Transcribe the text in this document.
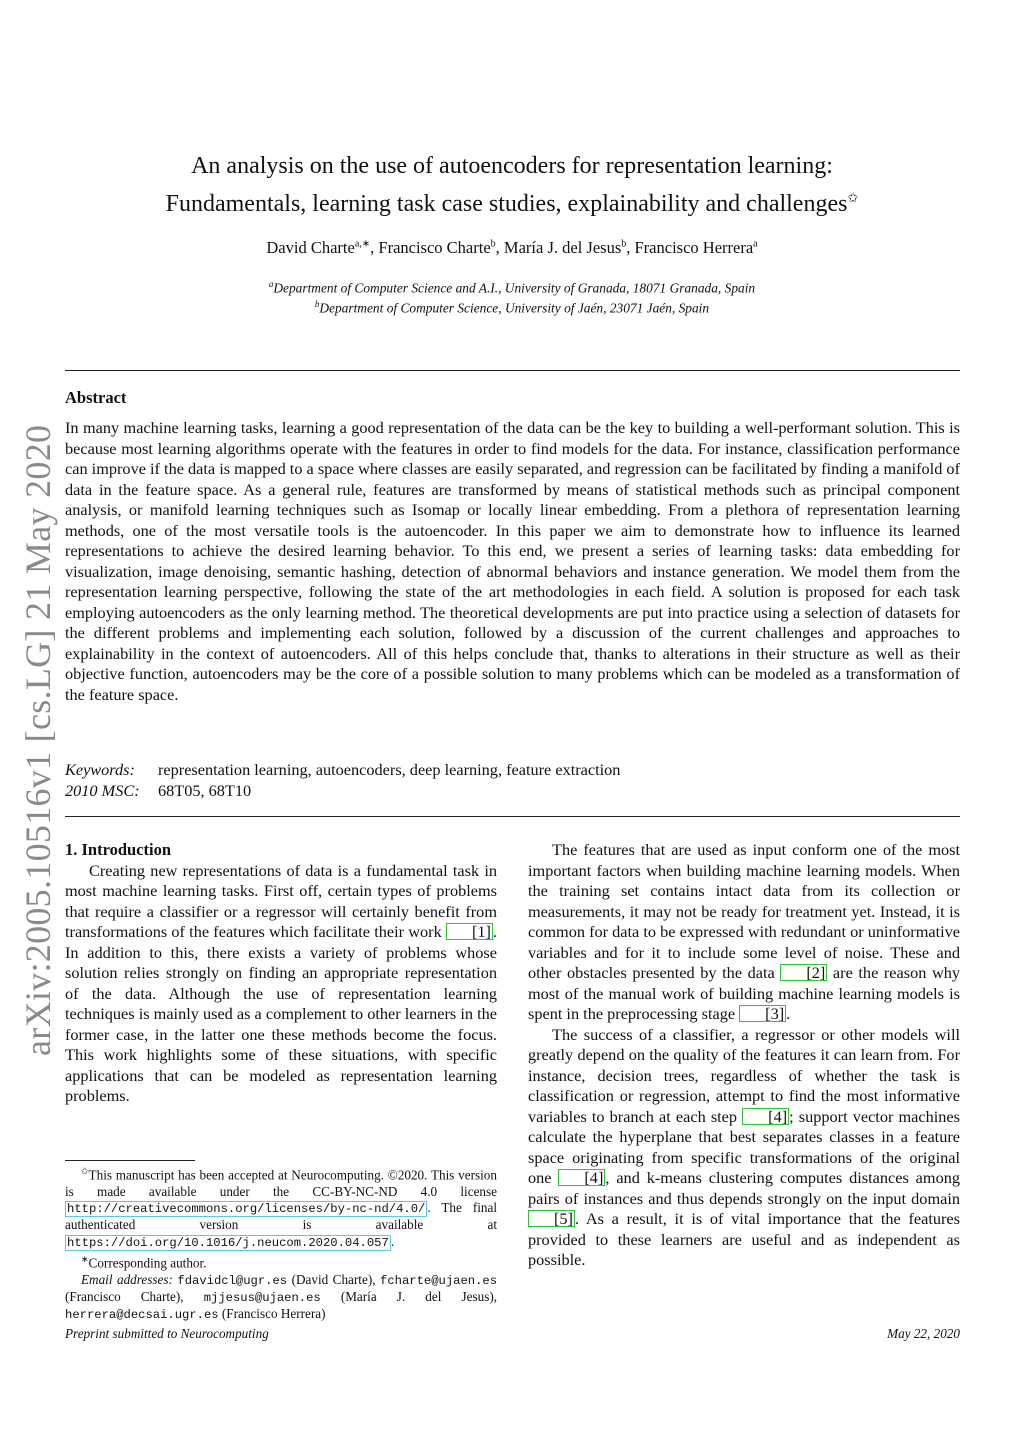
arXiv:2005.10516v1 [cs.LG] 21 May 2020
An analysis on the use of autoencoders for representation learning:
Fundamentals, learning task case studies, explainability and challenges✩
David Charte$^{a,∗}$, Francisco Charte$^b$, María J. del Jesus$^b$, Francisco Herrera$^a$
$^a$Department of Computer Science and A.I., University of Granada, 18071 Granada, Spain
$^b$Department of Computer Science, University of Jaén, 23071 Jaén, Spain
Abstract

In many machine learning tasks, learning a good representation of the data can be the key to building a well-performant solution. This is because most learning algorithms operate with the features in order to find models for the data. For instance, classification performance can improve if the data is mapped to a space where classes are easily separated, and regression can be facilitated by finding a manifold of data in the feature space. As a general rule, features are transformed by means of statistical methods such as principal component analysis, or manifold learning techniques such as Isomap or locally linear embedding. From a plethora of representation learning methods, one of the most versatile tools is the autoencoder. In this paper we aim to demonstrate how to influence its learned representations to achieve the desired learning behavior. To this end, we present a series of learning tasks: data embedding for visualization, image denoising, semantic hashing, detection of abnormal behaviors and instance generation. We model them from the representation learning perspective, following the state of the art methodologies in each field. A solution is proposed for each task employing autoencoders as the only learning method. The theoretical developments are put into practice using a selection of datasets for the different problems and implementing each solution, followed by a discussion of the current challenges and approaches to explainability in the context of autoencoders. All of this helps conclude that, thanks to alterations in their structure as well as their objective function, autoencoders may be the core of a possible solution to many problems which can be modeled as a transformation of the feature space.

Keywords: representation learning, autoencoders, deep learning, feature extraction
2010 MSC: 68T05, 68T10

1. Introduction

Creating new representations of data is a fundamental task in most machine learning tasks. First off, certain types of problems that require a classifier or a regressor will certainly benefit from transformations of the features which facilitate their work [1] . In addition to this, there exists a variety of problems whose solution relies strongly on finding an appropriate representation of the data. Although the use of representation learning techniques is mainly used as a complement to other learners in the former case, in the latter one these methods become the focus. This work highlights some of these situations, with specific applications that can be modeled as representation learning problems.

The features that are used as input conform one of the most important factors when building machine learning models. When the training set contains intact data from its collection or measurements, it may not be ready for treatment yet. Instead, it is common for data to be expressed with redundant or uninformative variables and for it to include some level of noise. These and other obstacles presented by the data [2] are the reason why most of the manual work of building machine learning models is spent in the preprocessing stage [3] .

The success of a classifier, a regressor or other models will greatly depend on the quality of the features it can learn from. For instance, decision trees, regardless of whether the task is classification or regression, attempt to find the most informative variables to branch at each step [4] ; support vector machines calculate the hyperplane that best separates classes in a feature space originating from specific transformations of the original one [4] , and k-means clustering computes distances among pairs of instances and thus depends strongly on the input domain [5] . As a result, it is of vital importance that the features provided to these learners are useful and as independent as possible.

✩This manuscript has been accepted at Neurocomputing. ©2020. This version is made available under the CC-BY-NC-ND 4.0 license http://creativecommons.org/licenses/by-nc-nd/4.0/ . The final authenticated version is available at https://doi.org/10.1016/j.neucom.2020.04.057 .

∗Corresponding author.

Email addresses: fdavidcl@ugr.es (David Charte), fcharte@ujaen.es (Francisco Charte), mjjesus@ujaen.es (María J. del Jesus), herrera@decsai.ugr.es (Francisco Herrera)

Preprint submitted to Neurocomputing	May 22, 2020
